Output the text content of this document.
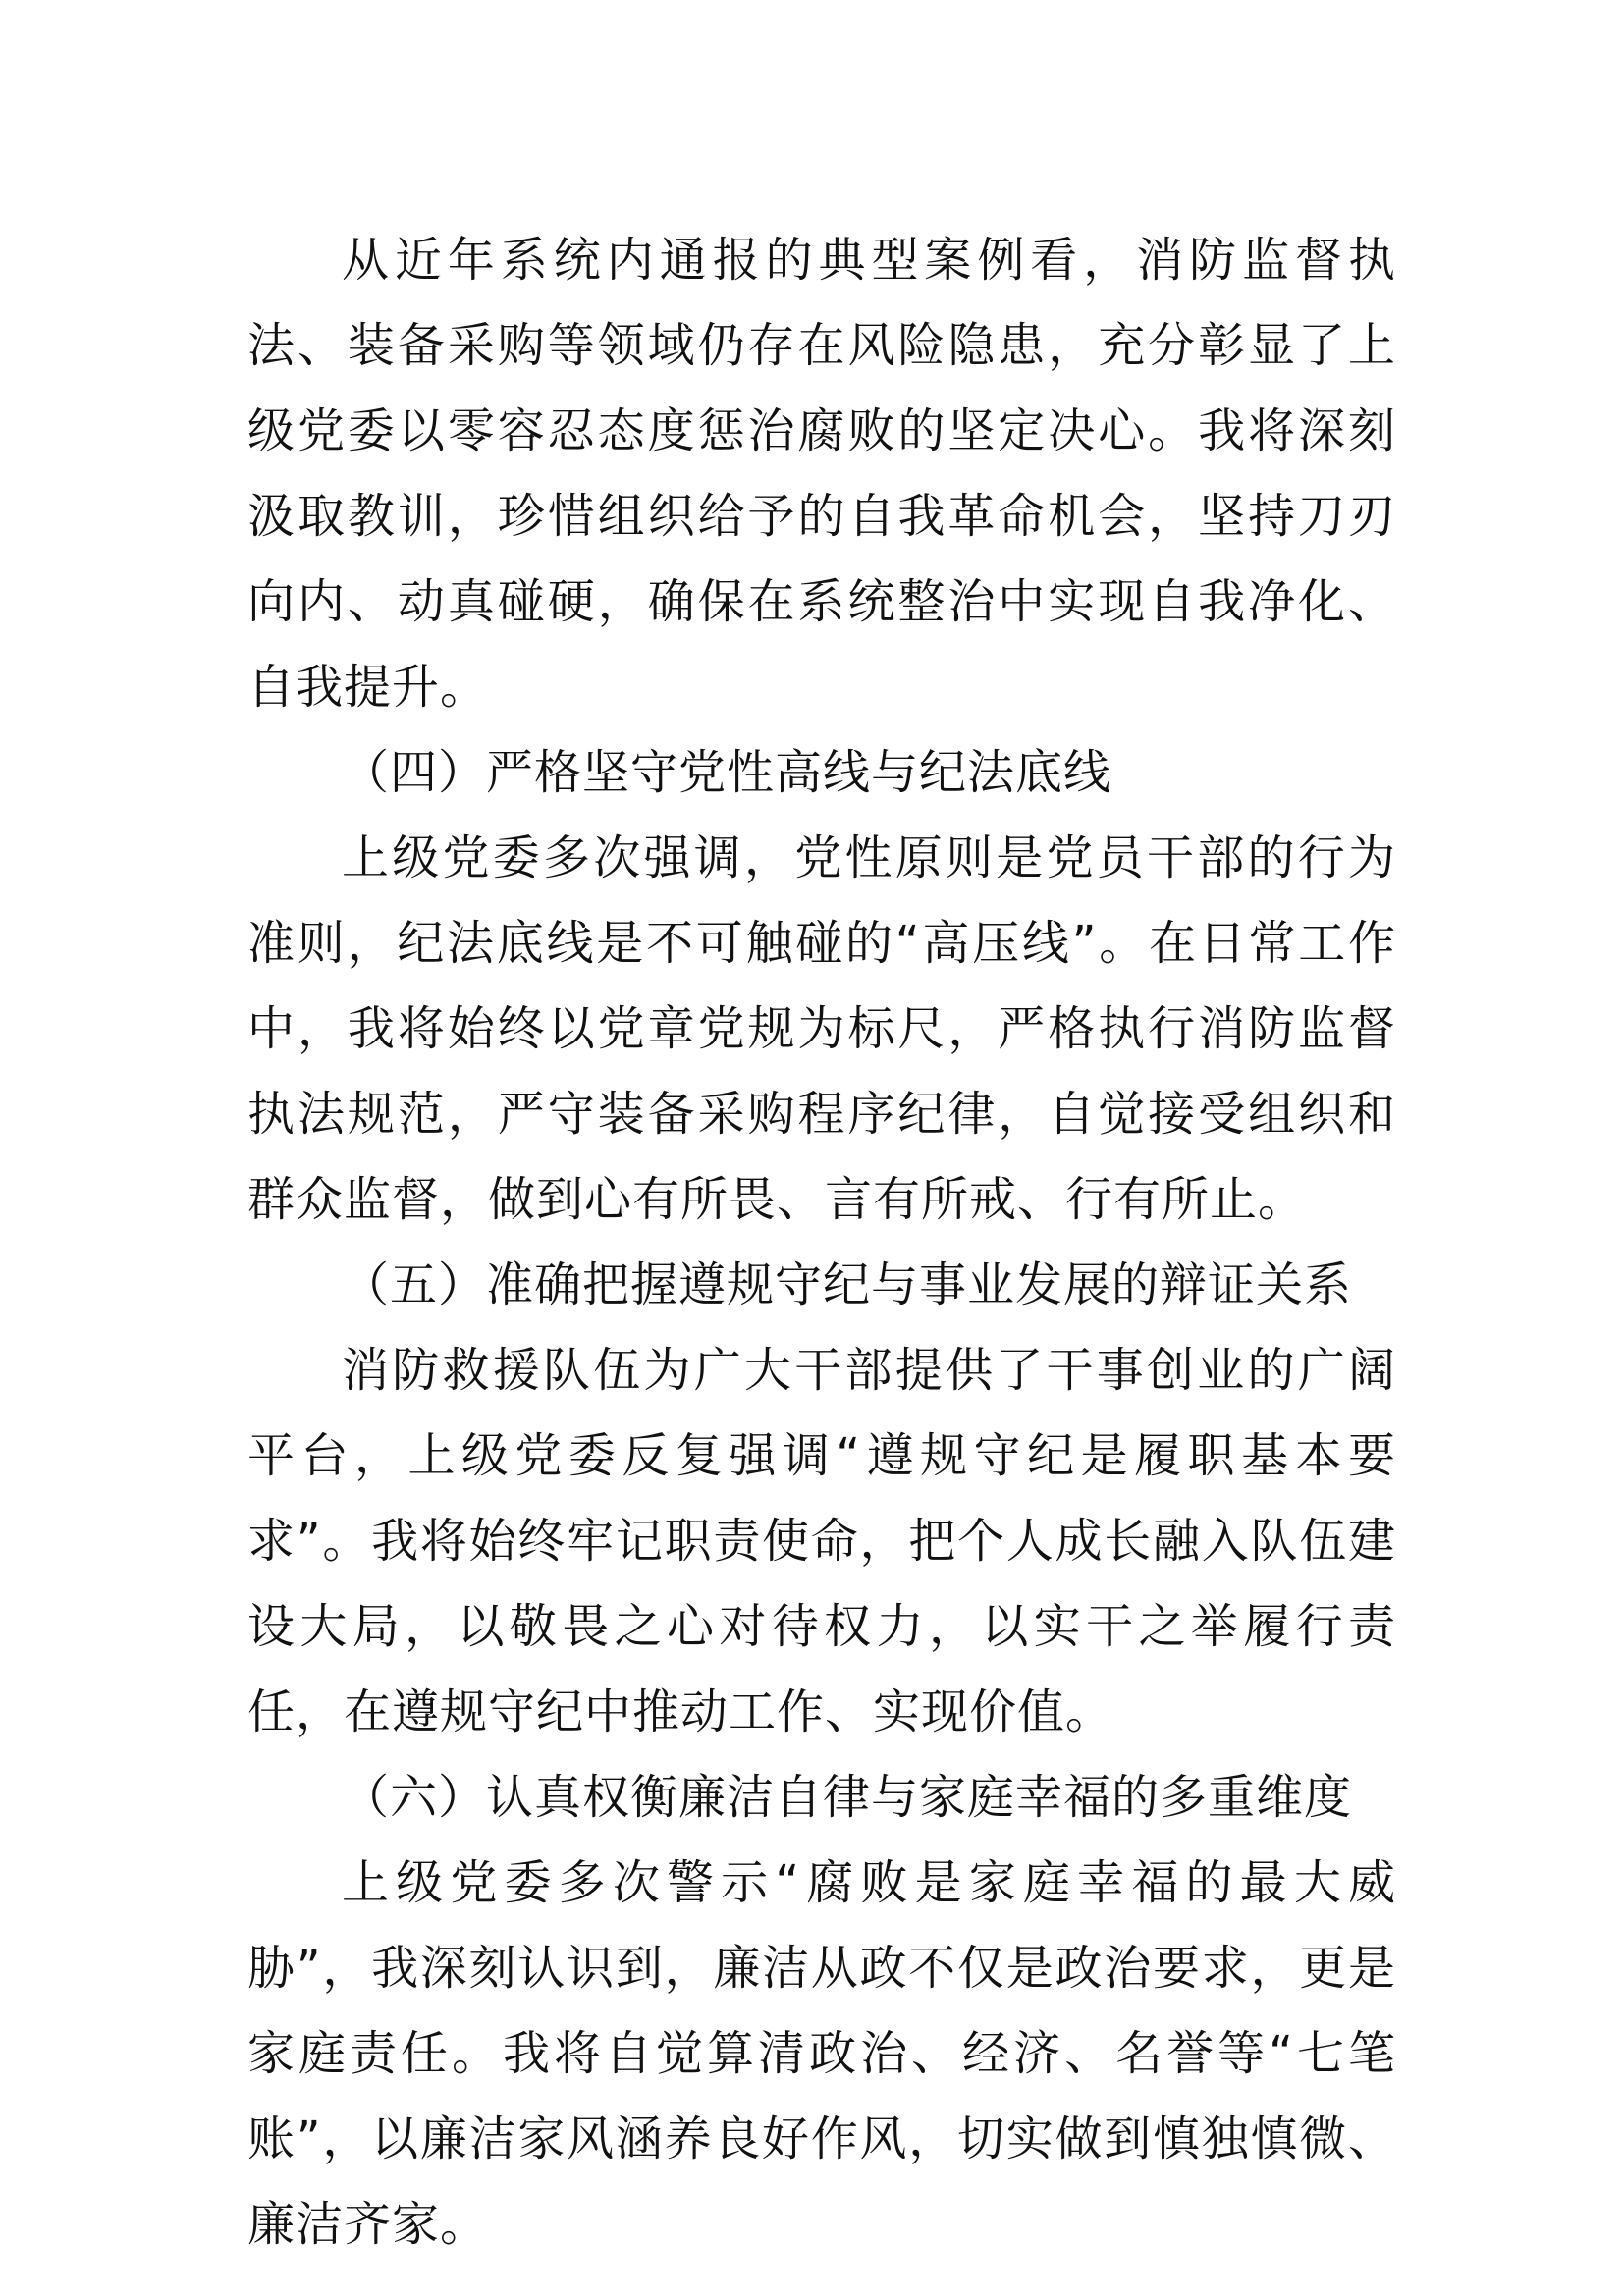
从近年系统内通报的典型案例看，消防监督执法、装备采购等领域仍存在风险隐患，充分彰显了上级党委以零容忍态度惩治腐败的坚定决心。我将深刻汲取教训，珍惜组织给予的自我革命机会，坚持刀刃向内、动真碰硬，确保在系统整治中实现自我净化、自我提升。

（四）严格坚守党性高线与纪法底线

上级党委多次强调，党性原则是党员干部的行为准则，纪法底线是不可触碰的“高压线”。在日常工作中，我将始终以党章党规为标尺，严格执行消防监督执法规范，严守装备采购程序纪律，自觉接受组织和群众监督，做到心有所畏、言有所戒、行有所止。

（五）准确把握遵规守纪与事业发展的辩证关系

消防救援队伍为广大干部提供了干事创业的广阔平台，上级党委反复强调“遵规守纪是履职基本要求”。我将始终牢记职责使命，把个人成长融入队伍建设大局，以敬畏之心对待权力，以实干之举履行责任，在遵规守纪中推动工作、实现价值。

（六）认真权衡廉洁自律与家庭幸福的多重维度

上级党委多次警示“腐败是家庭幸福的最大威胁”，我深刻认识到，廉洁从政不仅是政治要求，更是家庭责任。我将自觉算清政治、经济、名誉等“七笔账”，以廉洁家风涵养良好作风，切实做到慎独慎微、廉洁齐家。
